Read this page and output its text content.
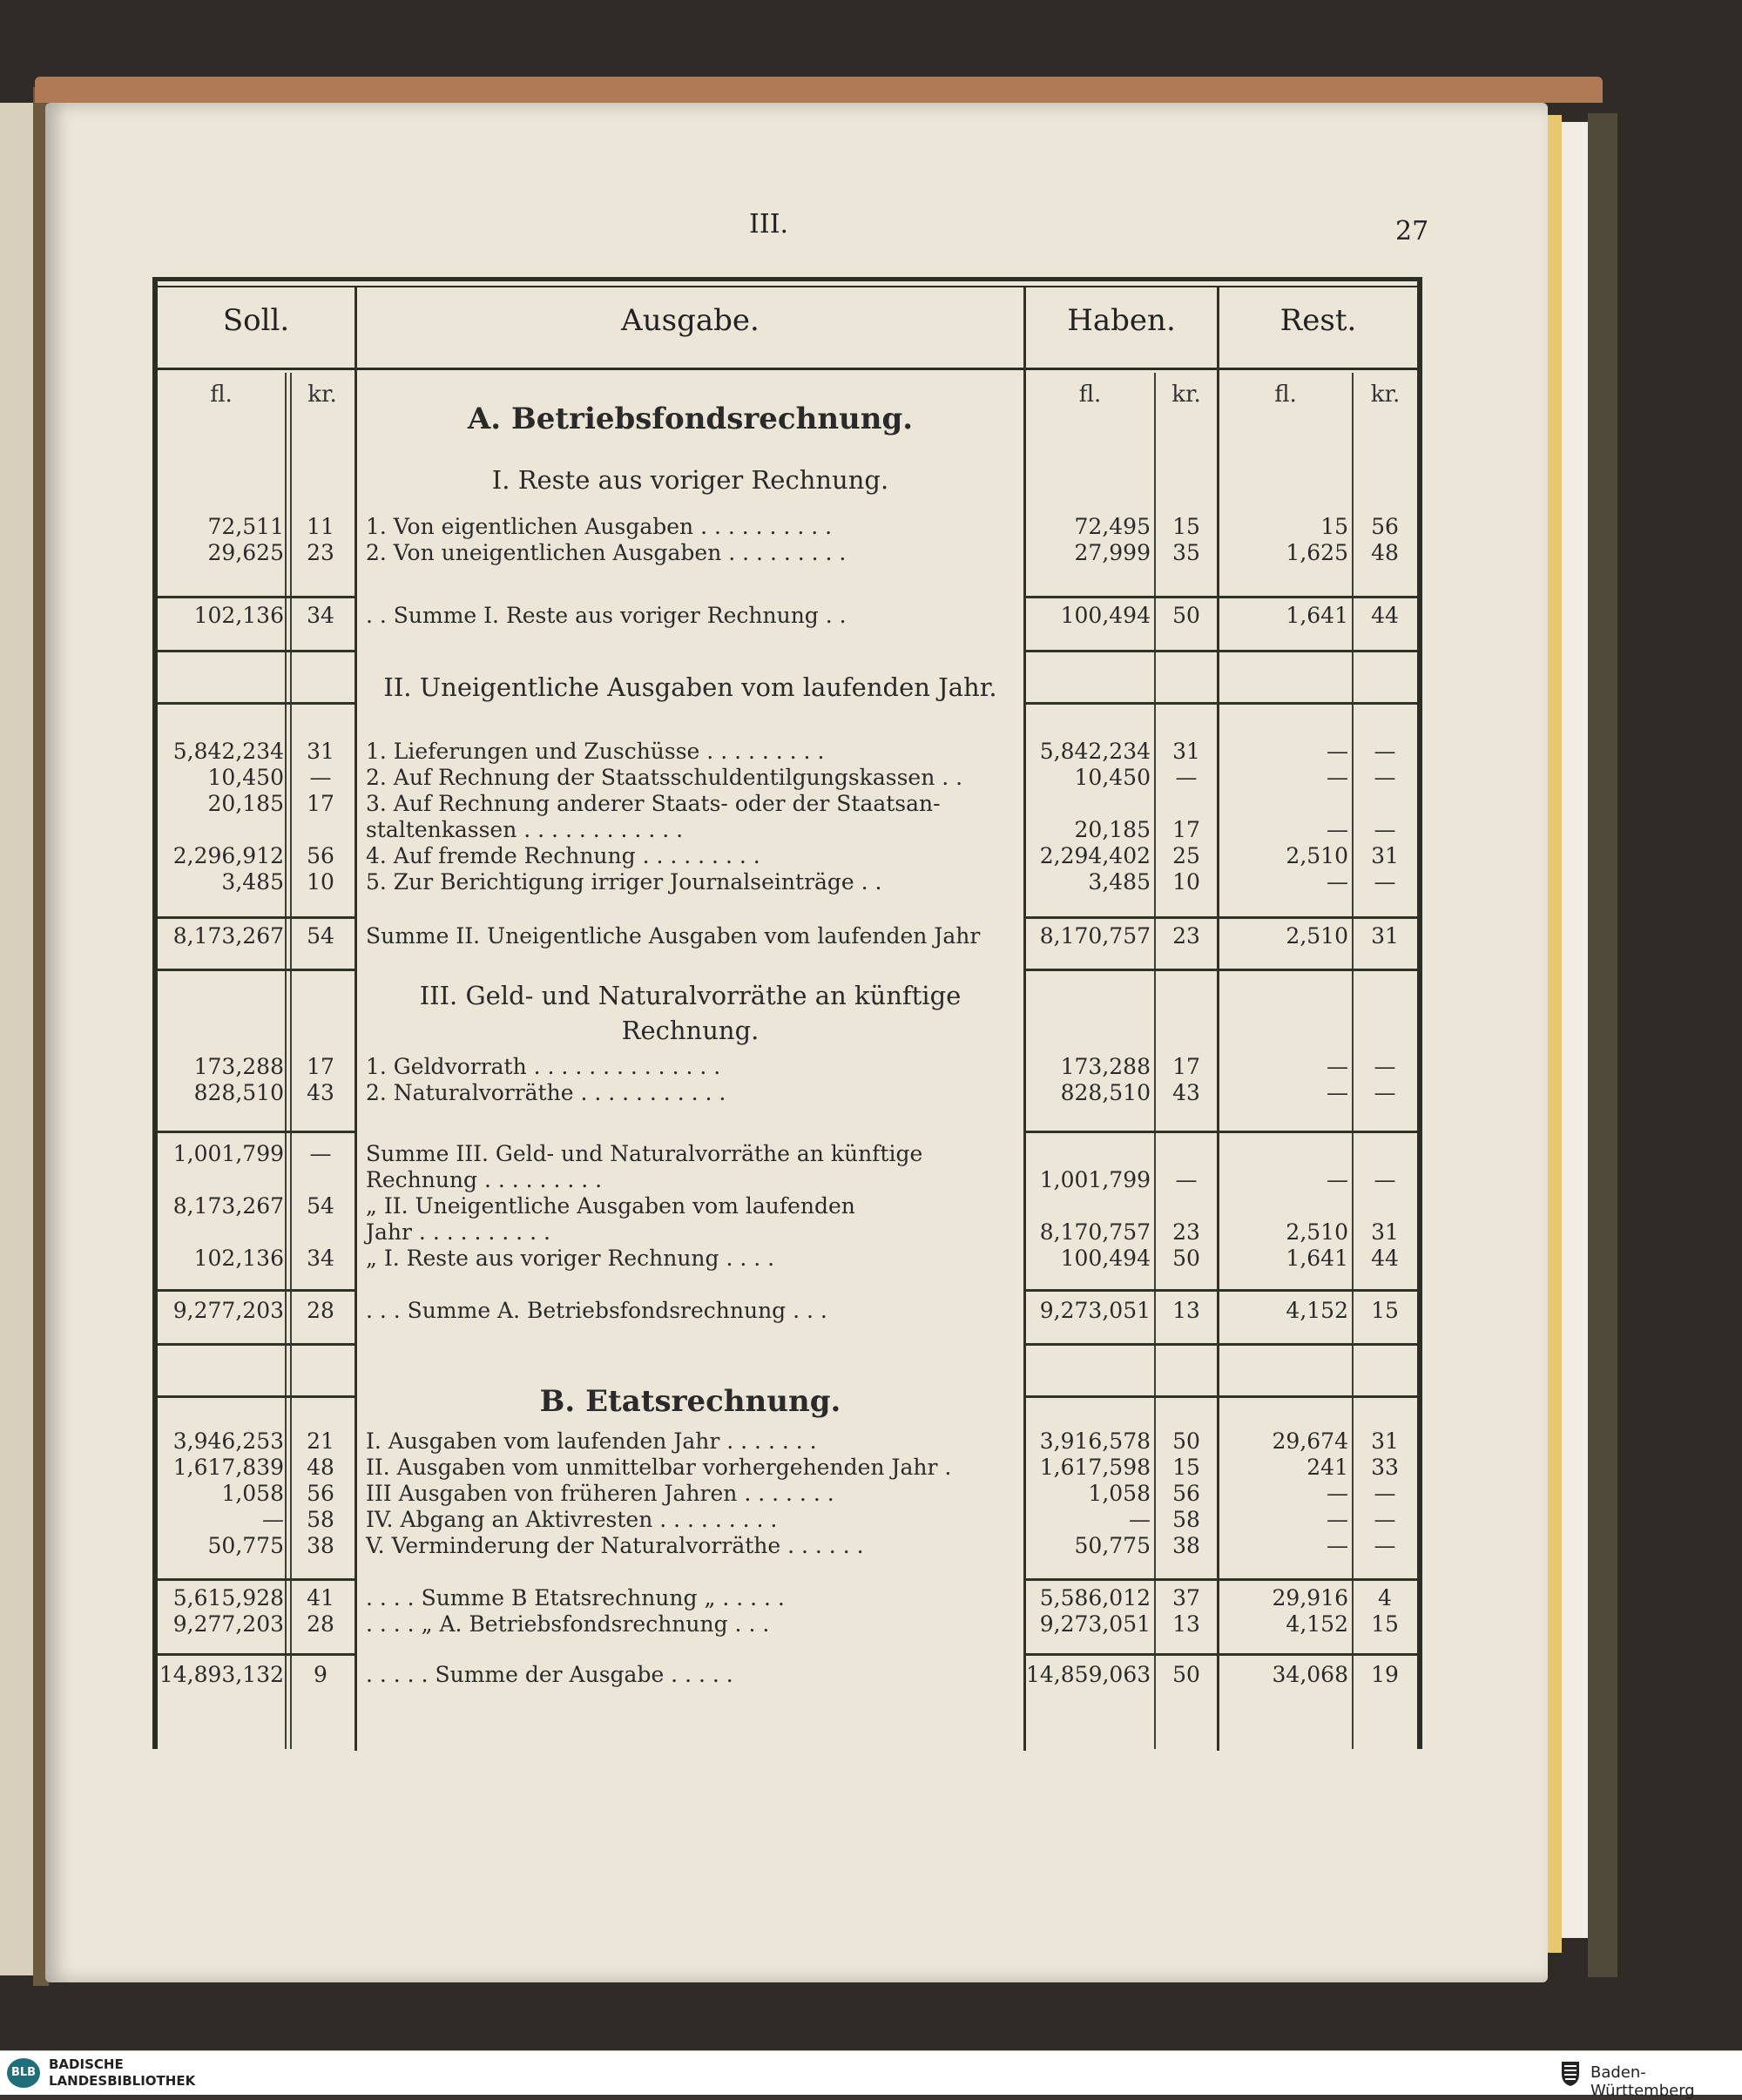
III.	27
Soll.	Ausgabe.	Haben.	Rest.
fl.	kr.	fl.	kr.	fl.	kr.
A. Betriebsfondsrechnung.
I. Reste aus voriger Rechnung.
II. Uneigentliche Ausgaben vom laufenden Jahr.
III. Geld- und Naturalvorräthe an künftige
Rechnung.
B. Etatsrechnung.
72,511	11	1. Von eigentlichen Ausgaben . . . . . . . . . .	72,495	15	15	56
29,625	23	2. Von uneigentlichen Ausgaben . . . . . . . . .	27,999	35	1,625	48
102,136	34	. . Summe I. Reste aus voriger Rechnung . .	100,494	50	1,641	44
5,842,234	31	1. Lieferungen und Zuschüsse . . . . . . . . .	5,842,234	31	—	—
10,450	—	2. Auf Rechnung der Staatsschuldentilgungskassen . .	10,450	—	—	—
20,185	17	3. Auf Rechnung anderer Staats- oder der Staatsan-
staltenkassen . . . . . . . . . . . .	20,185	17	—	—
2,296,912	56	4. Auf fremde Rechnung . . . . . . . . .	2,294,402	25	2,510	31
3,485	10	5. Zur Berichtigung irriger Journalseinträge . .	3,485	10	—	—
8,173,267	54	Summe II. Uneigentliche Ausgaben vom laufenden Jahr	8,170,757	23	2,510	31
173,288	17	1. Geldvorrath . . . . . . . . . . . . . .	173,288	17	—	—
828,510	43	2. Naturalvorräthe . . . . . . . . . . .	828,510	43	—	—
1,001,799	—	Summe III. Geld- und Naturalvorräthe an künftige
Rechnung . . . . . . . . .	1,001,799	—	—	—
8,173,267	54	„ II. Uneigentliche Ausgaben vom laufenden
Jahr . . . . . . . . . .	8,170,757	23	2,510	31
102,136	34	„ I. Reste aus voriger Rechnung . . . .	100,494	50	1,641	44
9,277,203	28	. . . Summe A. Betriebsfondsrechnung . . .	9,273,051	13	4,152	15
3,946,253	21	I. Ausgaben vom laufenden Jahr . . . . . . .	3,916,578	50	29,674	31
1,617,839	48	II. Ausgaben vom unmittelbar vorhergehenden Jahr .	1,617,598	15	241	33
1,058	56	III Ausgaben von früheren Jahren . . . . . . .	1,058	56	—	—
—	58	IV. Abgang an Aktivresten . . . . . . . . .	—	58	—	—
50,775	38	V. Verminderung der Naturalvorräthe . . . . . .	50,775	38	—	—
5,615,928	41	. . . . Summe B Etatsrechnung „ . . . . .	5,586,012	37	29,916	4
9,277,203	28	. . . . „ A. Betriebsfondsrechnung . . .	9,273,051	13	4,152	15
14,893,132	9	. . . . . Summe der Ausgabe . . . . .	14,859,063 50	34,068	19
BLB
BADISCHE
LANDESBIBLIOTHEK	Baden-Württemberg
